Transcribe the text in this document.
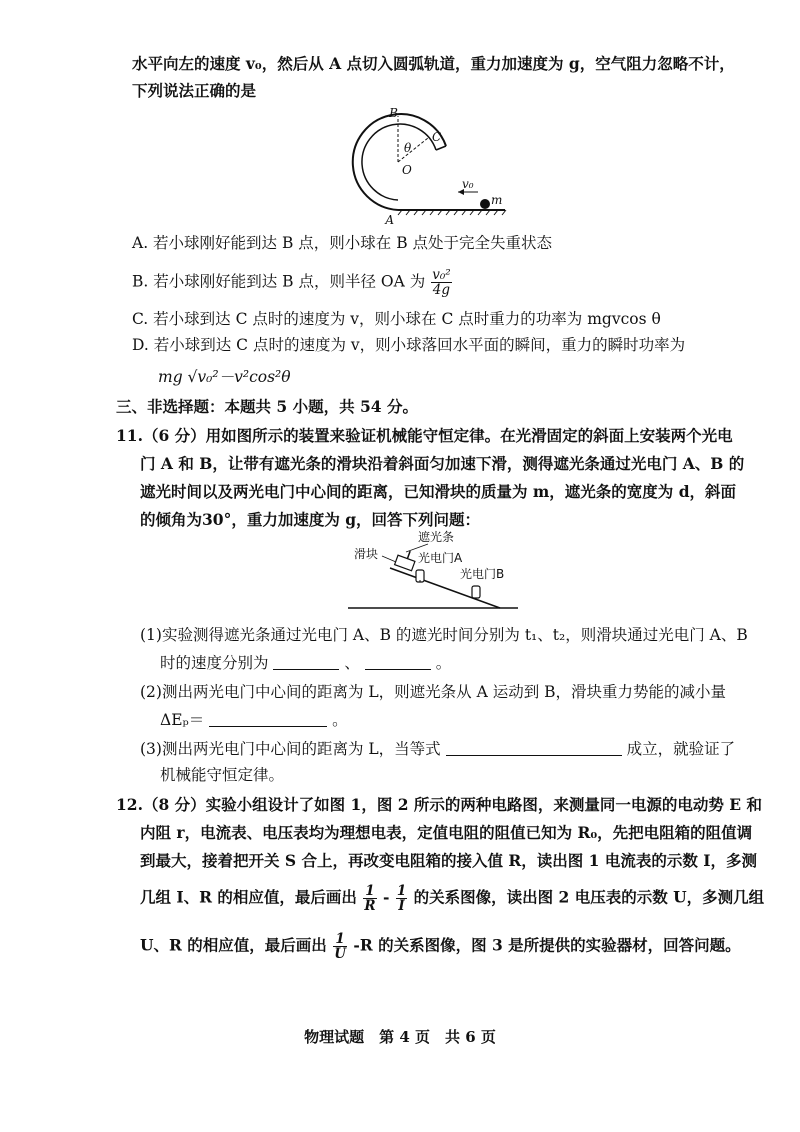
水平向左的速度 v₀，然后从 A 点切入圆弧轨道，重力加速度为 g，空气阻力忽略不计，
下列说法正确的是
B
C
θ
O
A
v₀
m
A. 若小球刚好能到达 B 点，则小球在 B 点处于完全失重状态
B. 若小球刚好能到达 B 点，则半径 OA 为 $\frac{\text{v₀²}}{4g}$
C. 若小球到达 C 点时的速度为 v，则小球在 C 点时重力的功率为 mgvcos θ
D. 若小球到达 C 点时的速度为 v，则小球落回水平面的瞬间，重力的瞬时功率为
mg √v₀²－v²cos²θ
三、非选择题：本题共 5 小题，共 54 分。
11.（6 分）用如图所示的装置来验证机械能守恒定律。在光滑固定的斜面上安装两个光电
门 A 和 B，让带有遮光条的滑块沿着斜面匀加速下滑，测得遮光条通过光电门 A、B 的
遮光时间以及两光电门中心间的距离，已知滑块的质量为 m，遮光条的宽度为 d，斜面
的倾角为30°，重力加速度为 g，回答下列问题：
遮光条
滑块	光电门A
光电门B
(1)实验测得遮光条通过光电门 A、B 的遮光时间分别为 t₁、t₂，则滑块通过光电门 A、B
时的速度分别为	、	。
(2)测出两光电门中心间的距离为 L，则遮光条从 A 运动到 B，滑块重力势能的减小量
ΔEₚ＝	。
(3)测出两光电门中心间的距离为 L，当等式	成立，就验证了
机械能守恒定律。
12.（8 分）实验小组设计了如图 1，图 2 所示的两种电路图，来测量同一电源的电动势 E 和
内阻 r，电流表、电压表均为理想电表，定值电阻的阻值已知为 R₀，先把电阻箱的阻值调
到最大，接着把开关 S 合上，再改变电阻箱的接入值 R，读出图 1 电流表的示数 I，多测
几组 I、R 的相应值，最后画出 $\frac{1}{R} - \frac{1}{I}$ 的关系图像，读出图 2 电压表的示数 U，多测几组
U、R 的相应值，最后画出 $\frac{1}{U} -R$ 的关系图像，图 3 是所提供的实验器材，回答问题。
物理试题　第 4 页　共 6 页
